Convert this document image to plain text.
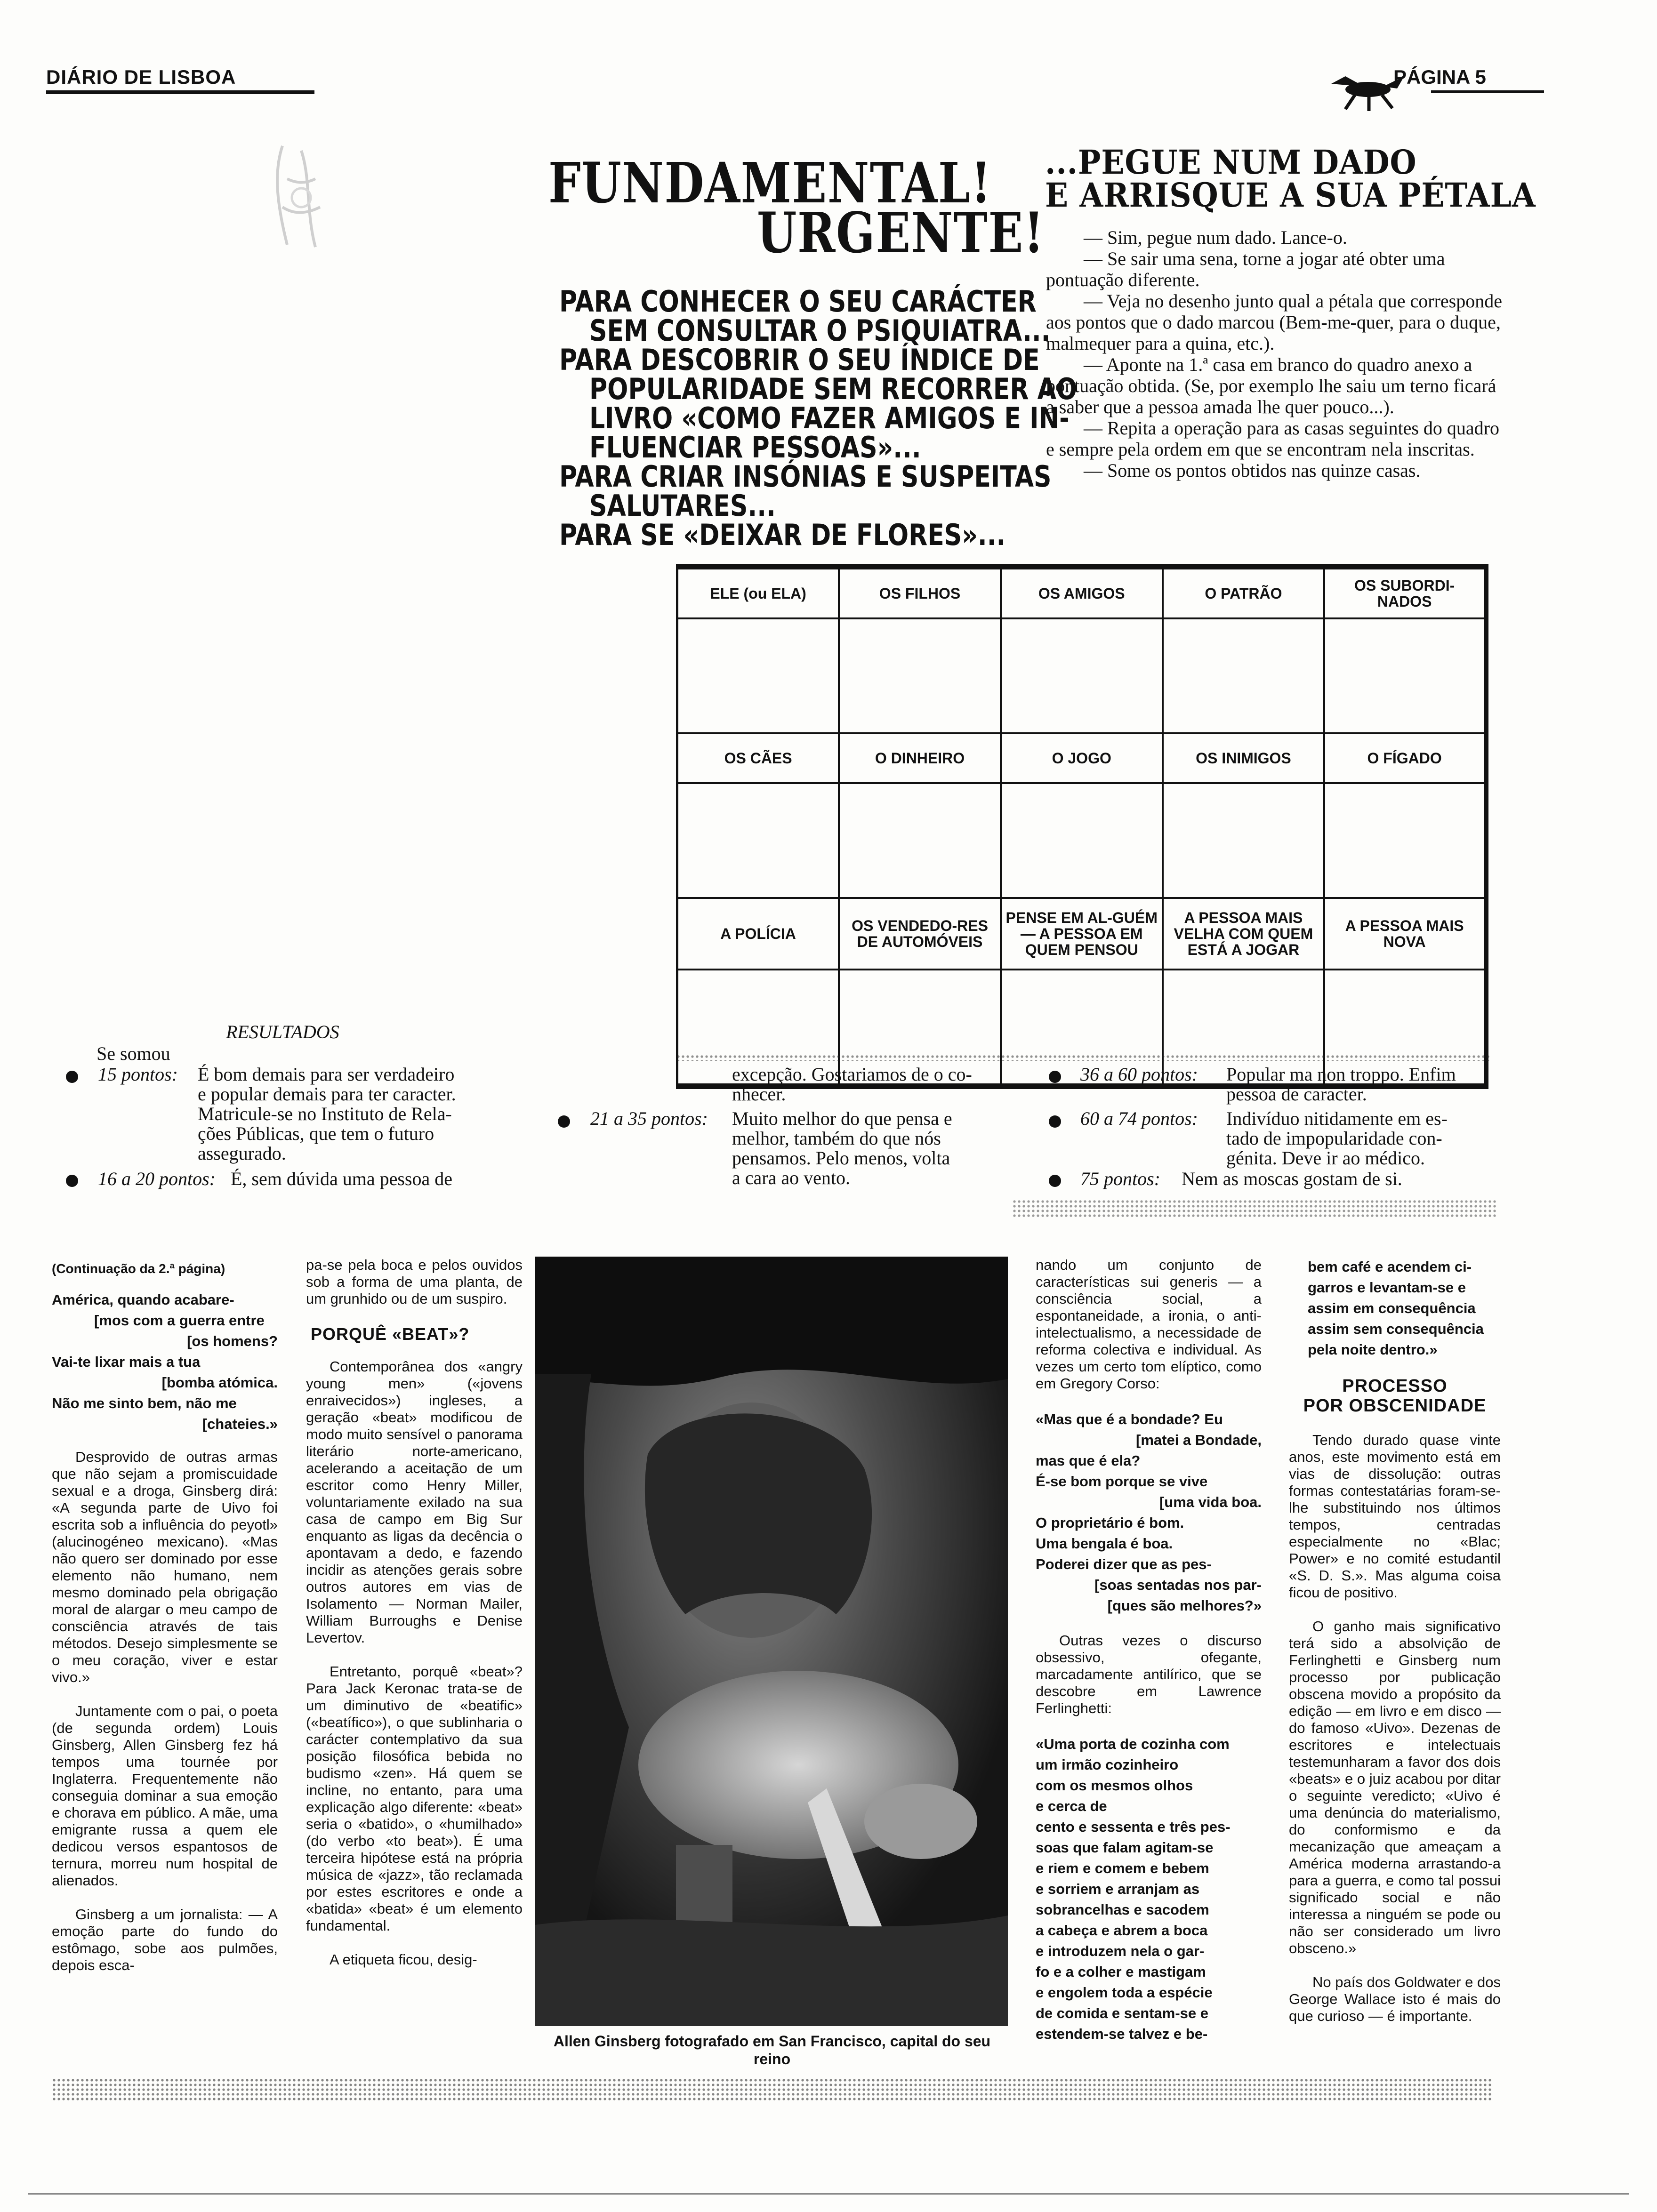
DIÁRIO DE LISBOA	PÁGINA 5
FUNDAMENTAL!
URGENTE!
PARA CONHECER O SEU CARÁCTER
SEM CONSULTAR O PSIQUIATRA...
PARA DESCOBRIR O SEU ÍNDICE DE
POPULARIDADE SEM RECORRER AO
LIVRO «COMO FAZER AMIGOS E IN-
FLUENCIAR PESSOAS»...
PARA CRIAR INSÓNIAS E SUSPEITAS
SALUTARES...
PARA SE «DEIXAR DE FLORES»...
...PEGUE NUM DADO
E ARRISQUE A SUA PÉTALA

— Sim, pegue num dado. Lance-o.

— Se sair uma sena, torne a jogar até obter uma pontuação diferente.

— Veja no desenho junto qual a pétala que corresponde aos pontos que o dado marcou (Bem-me-quer, para o duque, malmequer para a quina, etc.).

— Aponte na 1.ª casa em branco do quadro anexo a pontuação obtida. (Se, por exemplo lhe saiu um terno ficará a saber que a pessoa amada lhe quer pouco...).

— Repita a operação para as casas seguintes do quadro e sempre pela ordem em que se encontram nela inscritas.

— Some os pontos obtidos nas quinze casas.

ELE (ou ELA)	OS FILHOS	OS AMIGOS	O PATRÃO	OS SUBORDI-NADOS

OS CÃES	O DINHEIRO	O JOGO	OS INIMIGOS	O FÍGADO

A POLÍCIA	OS VENDEDO-RES DE AUTOMÓVEIS	PENSE EM AL-GUÉM — A PESSOA EM QUEM PENSOU	A PESSOA MAIS VELHA COM QUEM ESTÁ A JOGAR	A PESSOA MAIS NOVA

RESULTADOS
Se somou
15 pontos: É bom demais para ser verdadeiro
e popular demais para ter caracter.
Matricule-se no Instituto de Rela-
ções Públicas, que tem o futuro
assegurado.
16 a 20 pontos: É, sem dúvida uma pessoa de
excepção. Gostariamos de o co-
nhecer.
21 a 35 pontos: Muito melhor do que pensa e
melhor, também do que nós
pensamos. Pelo menos, volta
a cara ao vento.
36 a 60 pontos: Popular ma non troppo. Enfim
pessoa de caracter.
60 a 74 pontos: Indivíduo nitidamente em es-
tado de impopularidade con-
génita. Deve ir ao médico.
75 pontos: Nem as moscas gostam de si.
(Continuação da 2.ª página)
América, quando acabare-
[mos com a guerra entre
[os homens?
Vai-te lixar mais a tua
[bomba atómica.
Não me sinto bem, não me
[chateies.»

Desprovido de outras armas que não sejam a promiscuidade sexual e a droga, Ginsberg dirá: «A segunda parte de Uivo foi escrita sob a influência do peyotl» (alucinogéneo mexicano). «Mas não quero ser dominado por esse elemento não humano, nem mesmo dominado pela obrigação moral de alargar o meu campo de consciência através de tais métodos. Desejo simplesmente se o meu coração, viver e estar vivo.»

Juntamente com o pai, o poeta (de segunda ordem) Louis Ginsberg, Allen Ginsberg fez há tempos uma tournée por Inglaterra. Frequentemente não conseguia dominar a sua emoção e chorava em público. A mãe, uma emigrante russa a quem ele dedicou versos espantosos de ternura, morreu num hospital de alienados.

Ginsberg a um jornalista: — A emoção parte do fundo do estômago, sobe aos pulmões, depois esca-

pa-se pela boca e pelos ouvidos sob a forma de uma planta, de um grunhido ou de um suspiro.

PORQUÊ «BEAT»?

Contemporânea dos «angry young men» («jovens enraivecidos») ingleses, a geração «beat» modificou de modo muito sensível o panorama literário norte-americano, acelerando a aceitação de um escritor como Henry Miller, voluntariamente exilado na sua casa de campo em Big Sur enquanto as ligas da decência o apontavam a dedo, e fazendo incidir as atenções gerais sobre outros autores em vias de Isolamento — Norman Mailer, William Burroughs e Denise Levertov.

Entretanto, porquê «beat»? Para Jack Keronac trata-se de um diminutivo de «beatific» («beatífico»), o que sublinharia o carácter contemplativo da sua posição filosófica bebida no budismo «zen». Há quem se incline, no entanto, para uma explicação algo diferente: «beat» seria o «batido», o «humilhado» (do verbo «to beat»). É uma terceira hipótese está na própria música de «jazz», tão reclamada por estes escritores e onde a «batida» «beat» é um elemento fundamental.

A etiqueta ficou, desig-

Allen Ginsberg fotografado em San Francisco, capital do seu reino

nando um conjunto de características sui generis — a consciência social, a espontaneidade, a ironia, o anti-intelectualismo, a necessidade de reforma colectiva e individual. As vezes um certo tom elíptico, como em Gregory Corso:

«Mas que é a bondade? Eu
[matei a Bondade,
mas que é ela?
É-se bom porque se vive
[uma vida boa.
O proprietário é bom.
Uma bengala é boa.
Poderei dizer que as pes-
[soas sentadas nos par-
[ques são melhores?»

Outras vezes o discurso obsessivo, ofegante, marcadamente antilírico, que se descobre em Lawrence Ferlinghetti:

«Uma porta de cozinha com
um irmão cozinheiro
com os mesmos olhos
e cerca de
cento e sessenta e três pes-
soas que falam agitam-se
e riem e comem e bebem
e sorriem e arranjam as
sobrancelhas e sacodem
a cabeça e abrem a boca
e introduzem nela o gar-
fo e a colher e mastigam
e engolem toda a espécie
de comida e sentam-se e
estendem-se talvez e be-
bem café e acendem ci-
garros e levantam-se e
assim em consequência
assim sem consequência
pela noite dentro.»
PROCESSO
POR OBSCENIDADE

Tendo durado quase vinte anos, este movimento está em vias de dissolução: outras formas contestatárias foram-se-lhe substituindo nos últimos tempos, centradas especialmente no «Blac; Power» e no comité estudantil «S. D. S.». Mas alguma coisa ficou de positivo.

O ganho mais significativo terá sido a absolvição de Ferlinghetti e Ginsberg num processo por publicação obscena movido a propósito da edição — em livro e em disco — do famoso «Uivo». Dezenas de escritores e intelectuais testemunharam a favor dos dois «beats» e o juiz acabou por ditar o seguinte veredicto; «Uivo é uma denúncia do materialismo, do conformismo e da mecanização que ameaçam a América moderna arrastando-a para a guerra, e como tal possui significado social e não interessa a ninguém se pode ou não ser considerado um livro obsceno.»

No país dos Goldwater e dos George Wallace isto é mais do que curioso — é importante.
